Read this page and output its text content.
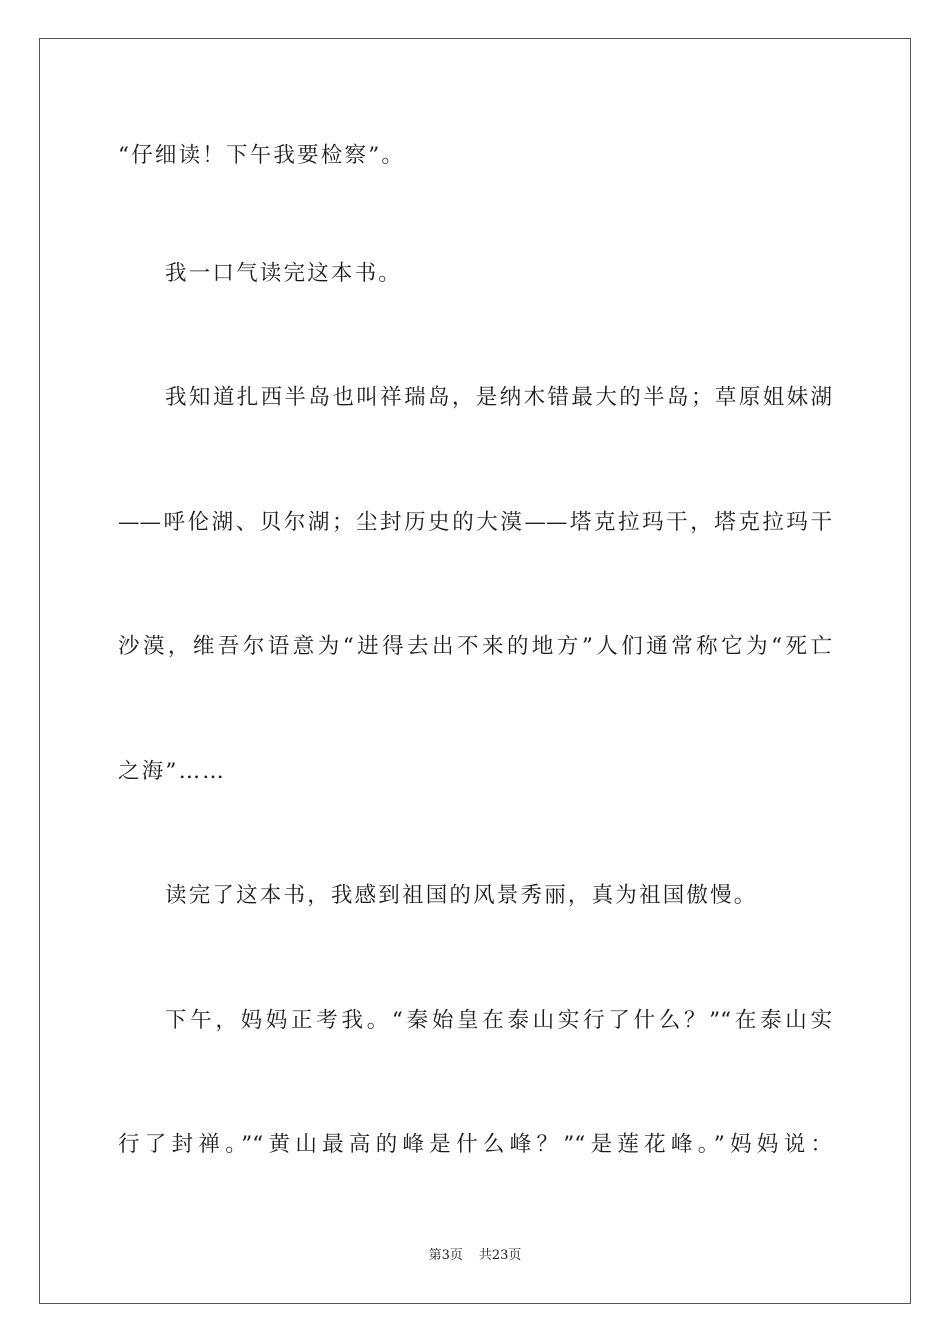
“仔细读！下午我要检察”。
我一口气读完这本书。
我知道扎西半岛也叫祥瑞岛，是纳木错最大的半岛；草原姐妹湖
——呼伦湖、贝尔湖；尘封历史的大漠——塔克拉玛干，塔克拉玛干
沙漠，维吾尔语意为“进得去出不来的地方”人们通常称它为“死亡
之海”……
读完了这本书，我感到祖国的风景秀丽，真为祖国傲慢。
下午，妈妈正考我。“秦始皇在泰山实行了什么？”“在泰山实
行了封禅。”“黄山最高的峰是什么峰？”“是莲花峰。”妈妈说：
第3页 共23页
